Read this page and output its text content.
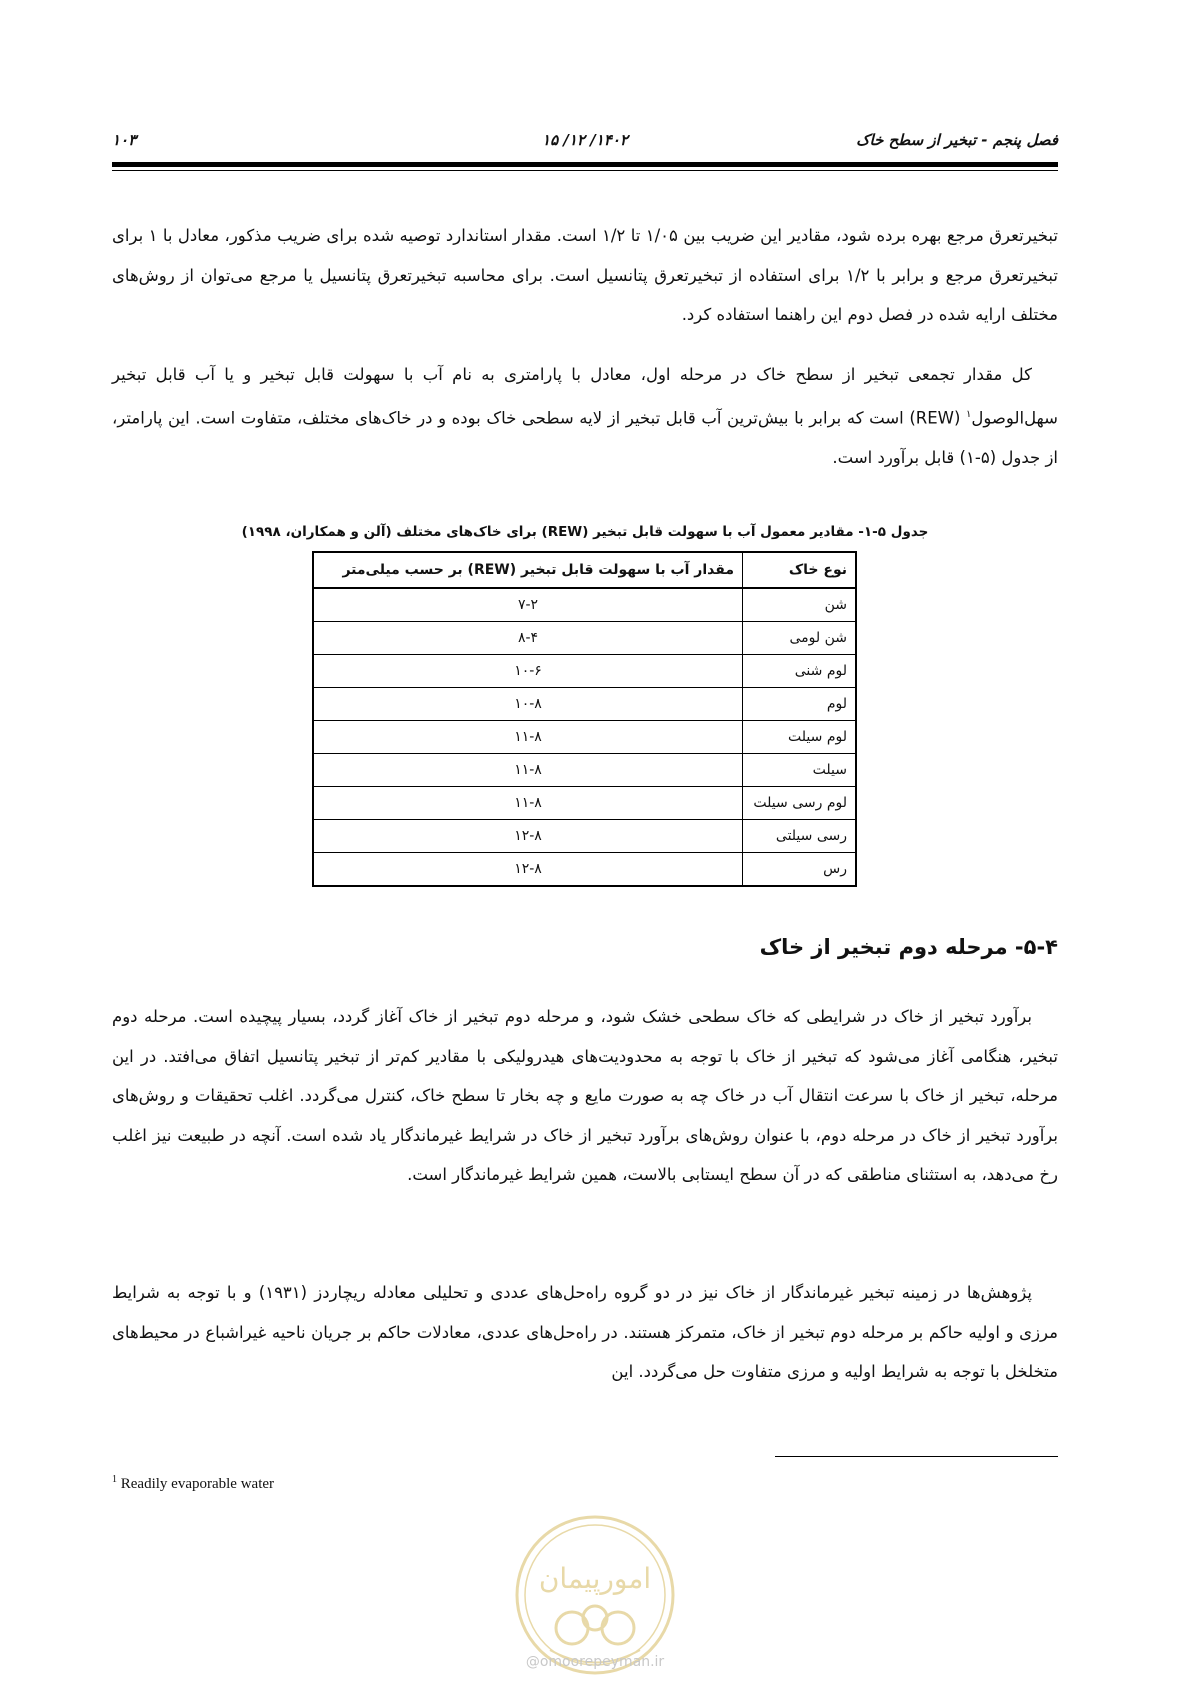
فصل پنجم - تبخیر از سطح خاک
۱۴۰۲/ ۱۲/ ۱۵
۱۰۳

تبخیرتعرق مرجع بهره برده شود، مقادیر این ضریب بین ۱/۰۵ تا ۱/۲ است. مقدار استاندارد توصیه شده برای ضریب مذکور، معادل با ۱ برای تبخیرتعرق مرجع و برابر با ۱/۲ برای استفاده از تبخیرتعرق پتانسیل است. برای محاسبه تبخیرتعرق پتانسیل یا مرجع می‌توان از روش‌های مختلف ارایه شده در فصل دوم این راهنما استفاده کرد.

کل مقدار تجمعی تبخیر از سطح خاک در مرحله اول، معادل با پارامتری به نام آب با سهولت قابل تبخیر و یا آب قابل تبخیر سهل‌الوصول$^۱$ (REW) است که برابر با بیش‌ترین آب قابل تبخیر از لایه سطحی خاک بوده و در خاک‌های مختلف، متفاوت است. این پارامتر، از جدول (۵-۱) قابل برآورد است.

جدول ۵-۱- مقادیر معمول آب با سهولت قابل تبخیر (REW) برای خاک‌های مختلف (آلن و همکاران، ۱۹۹۸)
نوع خاک	مقدار آب با سهولت قابل تبخیر (REW) بر حسب میلی‌متر
شن	۷-۲
شن لومی	۸-۴
لوم شنی	۱۰-۶
لوم	۱۰-۸
لوم سیلت	۱۱-۸
سیلت	۱۱-۸
لوم رسی سیلت	۱۱-۸
رسی سیلتی	۱۲-۸
رس	۱۲-۸
۵-۴- مرحله دوم تبخیر از خاک

برآورد تبخیر از خاک در شرایطی که خاک سطحی خشک شود، و مرحله دوم تبخیر از خاک آغاز گردد، بسیار پیچیده است. مرحله دوم تبخیر، هنگامی آغاز می‌شود که تبخیر از خاک با توجه به محدودیت‌های هیدرولیکی با مقادیر کم‌تر از تبخیر پتانسیل اتفاق می‌افتد. در این مرحله، تبخیر از خاک با سرعت انتقال آب در خاک چه به صورت مایع و چه بخار تا سطح خاک، کنترل می‌گردد. اغلب تحقیقات و روش‌های برآورد تبخیر از خاک در مرحله دوم، با عنوان روش‌های برآورد تبخیر از خاک در شرایط غیرماندگار یاد شده است. آنچه در طبیعت نیز اغلب رخ می‌دهد، به استثنای مناطقی که در آن سطح ایستابی بالاست، همین شرایط غیرماندگار است.

پژوهش‌ها در زمینه تبخیر غیرماندگار از خاک نیز در دو گروه راه‌حل‌های عددی و تحلیلی معادله ریچاردز (۱۹۳۱) و با توجه به شرایط مرزی و اولیه حاکم بر مرحله دوم تبخیر از خاک، متمرکز هستند. در راه‌حل‌های عددی، معادلات حاکم بر جریان ناحیه غیراشباع در محیط‌های متخلخل با توجه به شرایط اولیه و مرزی متفاوت حل می‌گردد. این

$^1$ Readily evaporable water
امورپیمان
@omoorepeyman.ir
